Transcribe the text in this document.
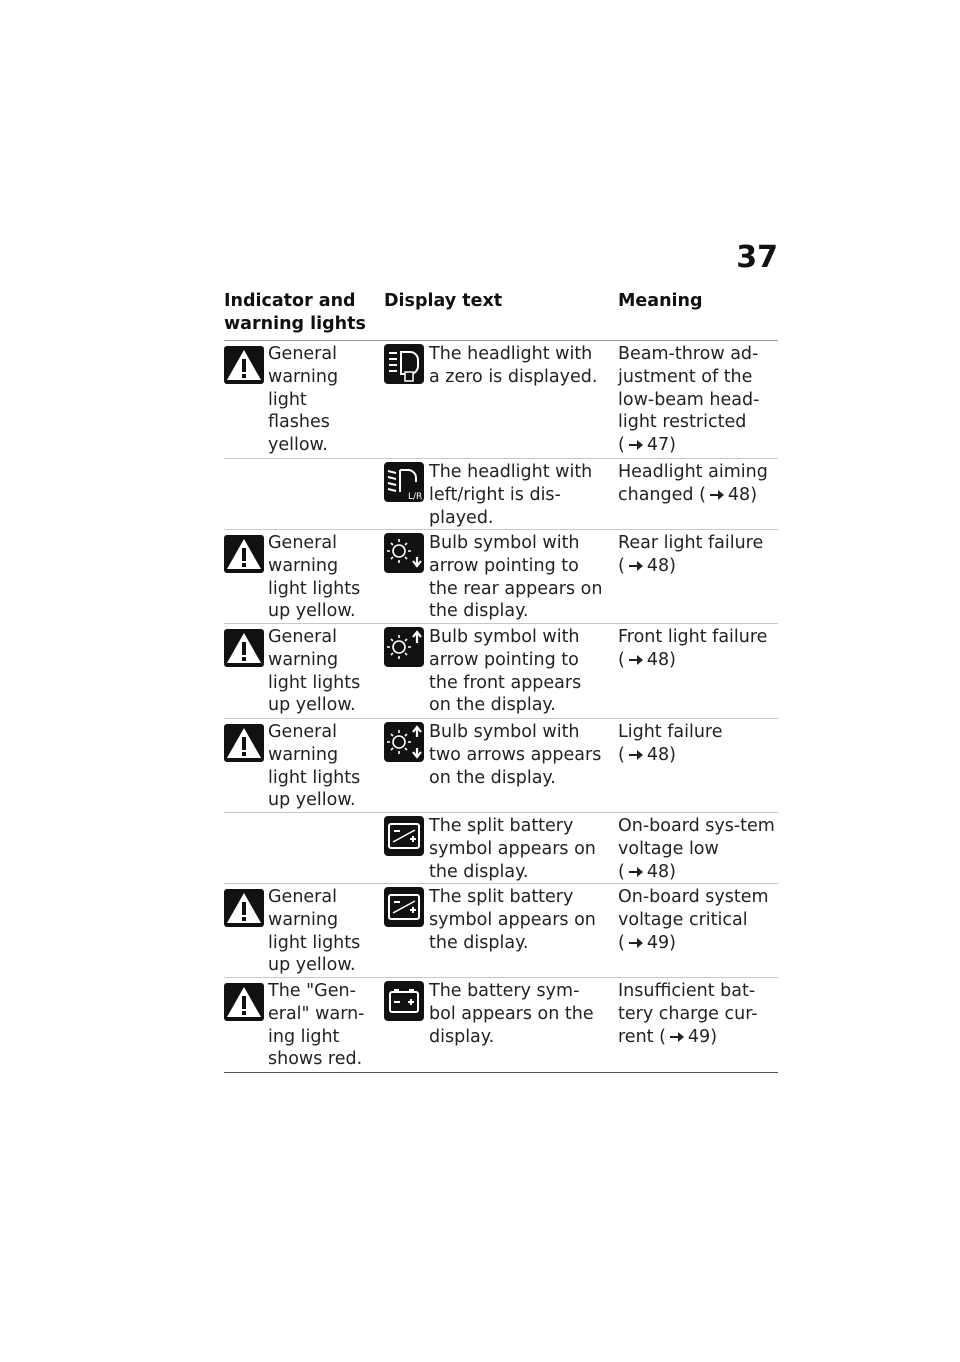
37
Indicator and warning lights
Display text	Meaning
General
warning
light
flashes
yellow.
The headlight with
a zero is displayed.
Beam-throw ad-justment of the low-beam head-light restricted ( 47)
L/R
The headlight with
left/right is dis-
played.
Headlight aiming changed ( 48)
General
warning
light lights
up yellow.
Bulb symbol with
arrow pointing to
the rear appears on
the display.
Rear light failure ( 48)
General
warning
light lights
up yellow.
Bulb symbol with
arrow pointing to
the front appears
on the display.
Front light failure ( 48)
General
warning
light lights
up yellow.
Bulb symbol with
two arrows appears
on the display.
Light failure ( 48)
The split battery
symbol appears on
the display.
On-board sys-tem voltage low ( 48)
General
warning
light lights
up yellow.
The split battery
symbol appears on
the display.
On-board system voltage critical ( 49)
The "Gen-
eral" warn-
ing light
shows red.
The battery sym-
bol appears on the
display.
Insufficient bat-tery charge cur-rent ( 49)
